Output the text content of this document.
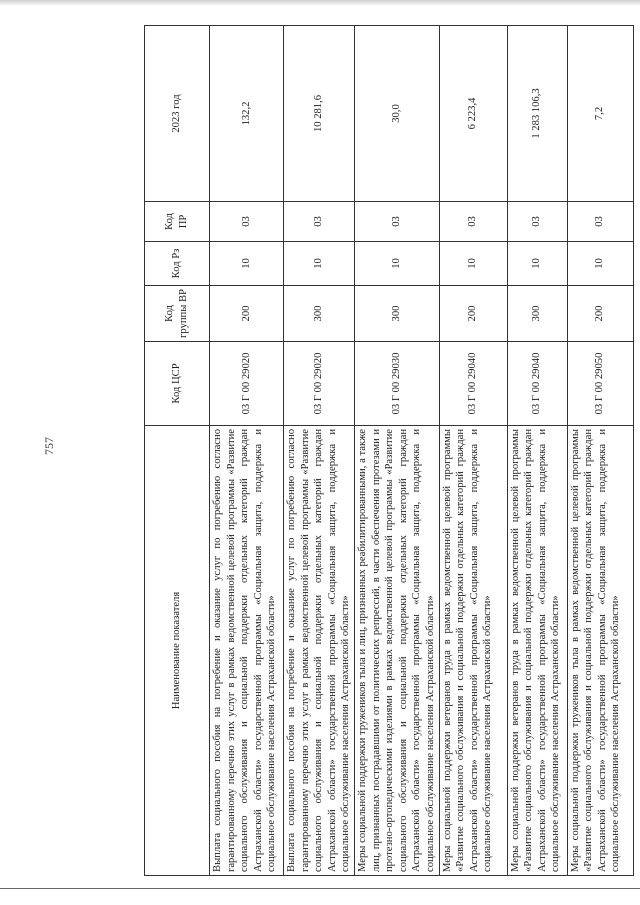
757
Наименование показателя	Код ЦСР	Код группы ВР	Код Рз	Код ПР	2023 год
Выплата социального пособия на погребение и оказание услуг по погребению согласно гарантированному перечню этих услуг в рамках ведомственной целевой программы «Развитие социального обслуживания и социальной поддержки отдельных категорий граждан Астраханской области» государственной программы «Социальная защита, поддержка и социальное обслуживание населения Астраханской области»	03 Г 00 29020	200	10	03	132,2
Выплата социального пособия на погребение и оказание услуг по погребению согласно гарантированному перечню этих услуг в рамках ведомственной целевой программы «Развитие социального обслуживания и социальной поддержки отдельных категорий граждан Астраханской области» государственной программы «Социальная защита, поддержка и социальное обслуживание населения Астраханской области»	03 Г 00 29020	300	10	03	10 281,6
Меры социальной поддержки тружеников тыла и лиц, признанных реабилитированными, а также лиц, признанных пострадавшими от политических репрессий, в части обеспечения протезами и протезно-ортопедическими изделиями в рамках ведомственной целевой программы «Развитие социального обслуживания и социальной поддержки отдельных категорий граждан Астраханской области» государственной программы «Социальная защита, поддержка и социальное обслуживание населения Астраханской области»	03 Г 00 29030	300	10	03	30,0
Меры социальной поддержки ветеранов труда в рамках ведомственной целевой программы «Развитие социального обслуживания и социальной поддержки отдельных категорий граждан Астраханской области» государственной программы «Социальная защита, поддержка и социальное обслуживание населения Астраханской области»	03 Г 00 29040	200	10	03	6 223,4
Меры социальной поддержки ветеранов труда в рамках ведомственной целевой программы «Развитие социального обслуживания и социальной поддержки отдельных категорий граждан Астраханской области» государственной программы «Социальная защита, поддержка и социальное обслуживание населения Астраханской области»	03 Г 00 29040	300	10	03	1 283 106,3
Меры социальной поддержки тружеников тыла в рамках ведомственной целевой программы «Развитие социального обслуживания и социальной поддержки отдельных категорий граждан Астраханской области» государственной программы «Социальная защита, поддержка и социальное обслуживание населения Астраханской области»	03 Г 00 29050	200	10	03	7,2
